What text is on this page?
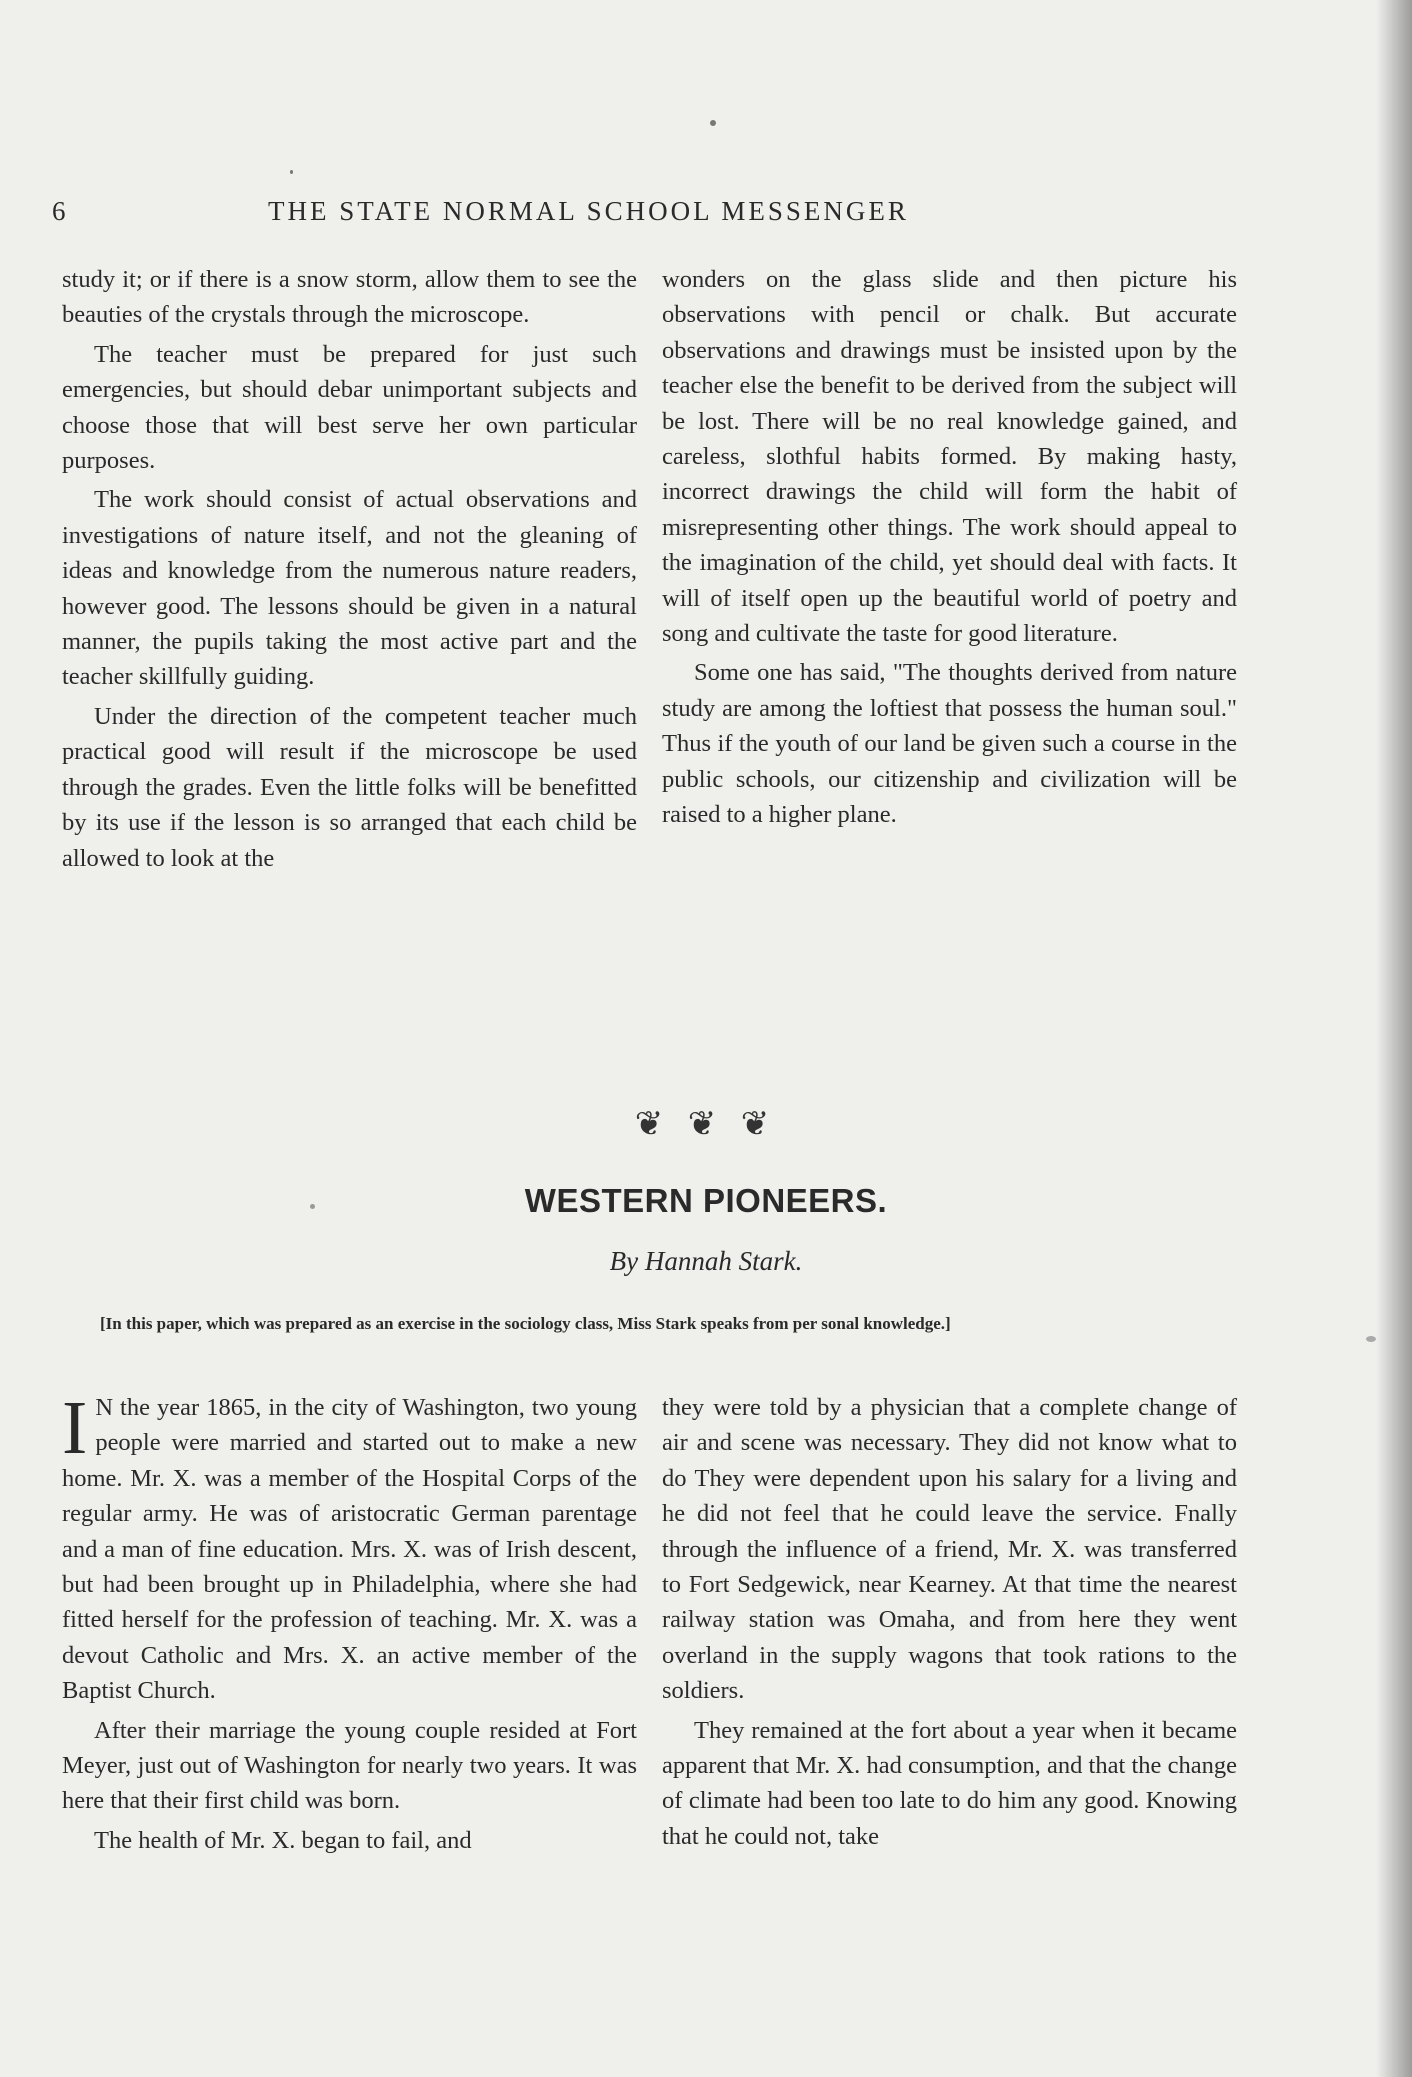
6	THE STATE NORMAL SCHOOL MESSENGER

study it; or if there is a snow storm, allow them to see the beauties of the crystals through the microscope.

The teacher must be prepared for just such emergencies, but should debar unimportant subjects and choose those that will best serve her own particular purposes.

The work should consist of actual observations and investigations of nature itself, and not the gleaning of ideas and knowledge from the numerous nature readers, however good. The lessons should be given in a natural manner, the pupils taking the most active part and the teacher skillfully guiding.

Under the direction of the competent teacher much practical good will result if the microscope be used through the grades. Even the little folks will be benefitted by its use if the lesson is so arranged that each child be allowed to look at the

wonders on the glass slide and then picture his observations with pencil or chalk. But accurate observations and drawings must be insisted upon by the teacher else the benefit to be derived from the subject will be lost. There will be no real knowledge gained, and careless, slothful habits formed. By making hasty, incorrect drawings the child will form the habit of misrepresenting other things. The work should appeal to the imagination of the child, yet should deal with facts. It will of itself open up the beautiful world of poetry and song and cultivate the taste for good literature.

Some one has said, "The thoughts derived from nature study are among the loftiest that possess the human soul." Thus if the youth of our land be given such a course in the public schools, our citizenship and civilization will be raised to a higher plane.

❦ ❦ ❦
WESTERN PIONEERS.
By Hannah Stark.
[In this paper, which was prepared as an exercise in the sociology class, Miss Stark speaks from per sonal knowledge.]

I N the year 1865, in the city of Washington, two young people were married and started out to make a new home. Mr. X. was a member of the Hospital Corps of the regular army. He was of aristocratic German parentage and a man of fine education. Mrs. X. was of Irish descent, but had been brought up in Philadelphia, where she had fitted herself for the profession of teaching. Mr. X. was a devout Catholic and Mrs. X. an active member of the Baptist Church.

After their marriage the young couple resided at Fort Meyer, just out of Washington for nearly two years. It was here that their first child was born.

The health of Mr. X. began to fail, and

they were told by a physician that a complete change of air and scene was necessary. They did not know what to do They were dependent upon his salary for a living and he did not feel that he could leave the service. Fnally through the influence of a friend, Mr. X. was transferred to Fort Sedgewick, near Kearney. At that time the nearest railway station was Omaha, and from here they went overland in the supply wagons that took rations to the soldiers.

They remained at the fort about a year when it became apparent that Mr. X. had consumption, and that the change of climate had been too late to do him any good. Knowing that he could not, take
